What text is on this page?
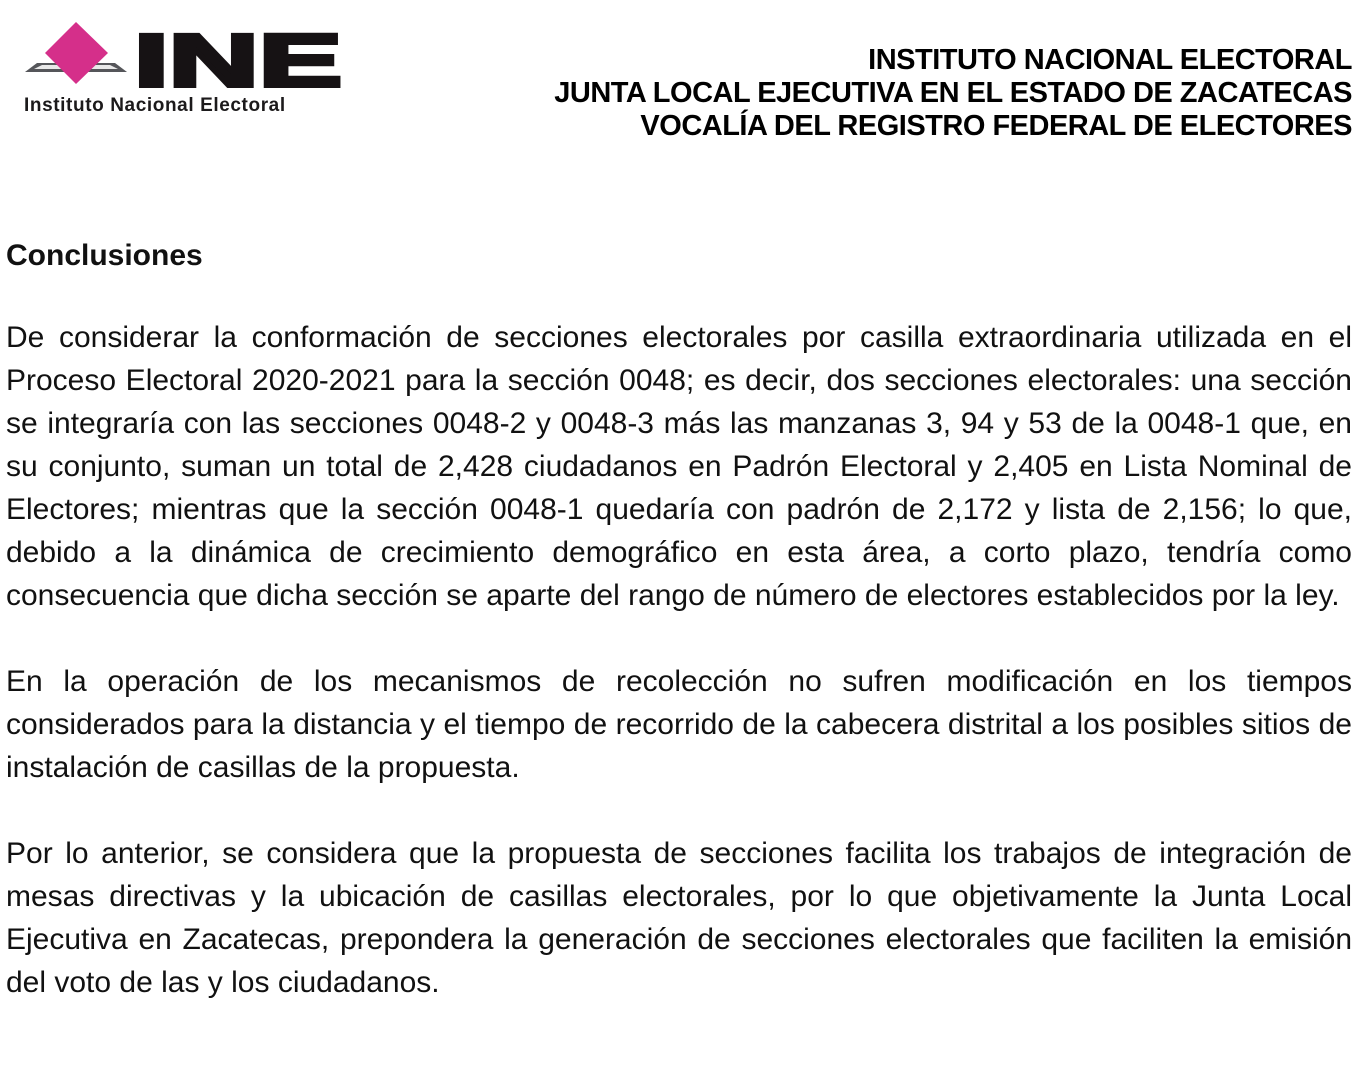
INE
Instituto Nacional Electoral
INSTITUTO NACIONAL ELECTORAL
JUNTA LOCAL EJECUTIVA EN EL ESTADO DE ZACATECAS
VOCALÍA DEL REGISTRO FEDERAL DE ELECTORES
Conclusiones

De considerar la conformación de secciones electorales por casilla extraordinaria utilizada en el Proceso Electoral 2020-2021 para la sección 0048; es decir, dos secciones electorales: una sección se integraría con las secciones 0048-2 y 0048-3 más las manzanas 3, 94 y 53 de la 0048-1 que, en su conjunto, suman un total de 2,428 ciudadanos en Padrón Electoral y 2,405 en Lista Nominal de Electores; mientras que la sección 0048-1 quedaría con padrón de 2,172 y lista de 2,156; lo que, debido a la dinámica de crecimiento demográfico en esta área, a corto plazo, tendría como consecuencia que dicha sección se aparte del rango de número de electores establecidos por la ley.

En la operación de los mecanismos de recolección no sufren modificación en los tiempos considerados para la distancia y el tiempo de recorrido de la cabecera distrital a los posibles sitios de instalación de casillas de la propuesta.

Por lo anterior, se considera que la propuesta de secciones facilita los trabajos de integración de mesas directivas y la ubicación de casillas electorales, por lo que objetivamente la Junta Local Ejecutiva en Zacatecas, prepondera la generación de secciones electorales que faciliten la emisión del voto de las y los ciudadanos.
